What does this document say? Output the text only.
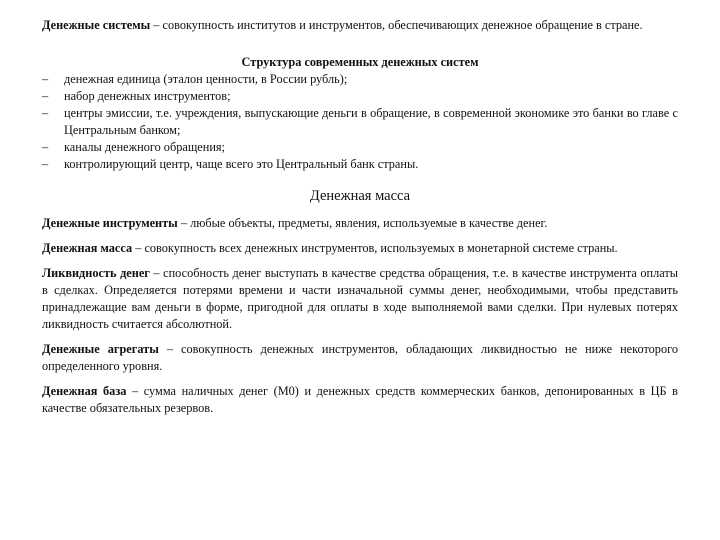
Денежные системы – совокупность институтов и инструментов, обеспечивающих денежное обращение в стране.

Структура современных денежных систем

– денежная единица (эталон ценности, в России рубль);
– набор денежных инструментов;
– центры эмиссии, т.е. учреждения, выпускающие деньги в обращение, в современной экономике это банки во главе с Центральным банком;
– каналы денежного обращения;
– контролирующий центр, чаще всего это Центральный банк страны.

Денежная масса

Денежные инструменты – любые объекты, предметы, явления, используемые в качестве денег.

Денежная масса – совокупность всех денежных инструментов, используемых в монетарной системе страны.

Ликвидность денег – способность денег выступать в качестве средства обращения, т.е. в качестве инструмента оплаты в сделках. Определяется потерями времени и части изначальной суммы денег, необходимыми, чтобы представить принадлежащие вам деньги в форме, пригодной для оплаты в ходе выполняемой вами сделки. При нулевых потерях ликвидность считается абсолютной.

Денежные агрегаты – совокупность денежных инструментов, обладающих ликвидностью не ниже некоторого определенного уровня.

Денежная база – сумма наличных денег (М0) и денежных средств коммерческих банков, депонированных в ЦБ в качестве обязательных резервов.
